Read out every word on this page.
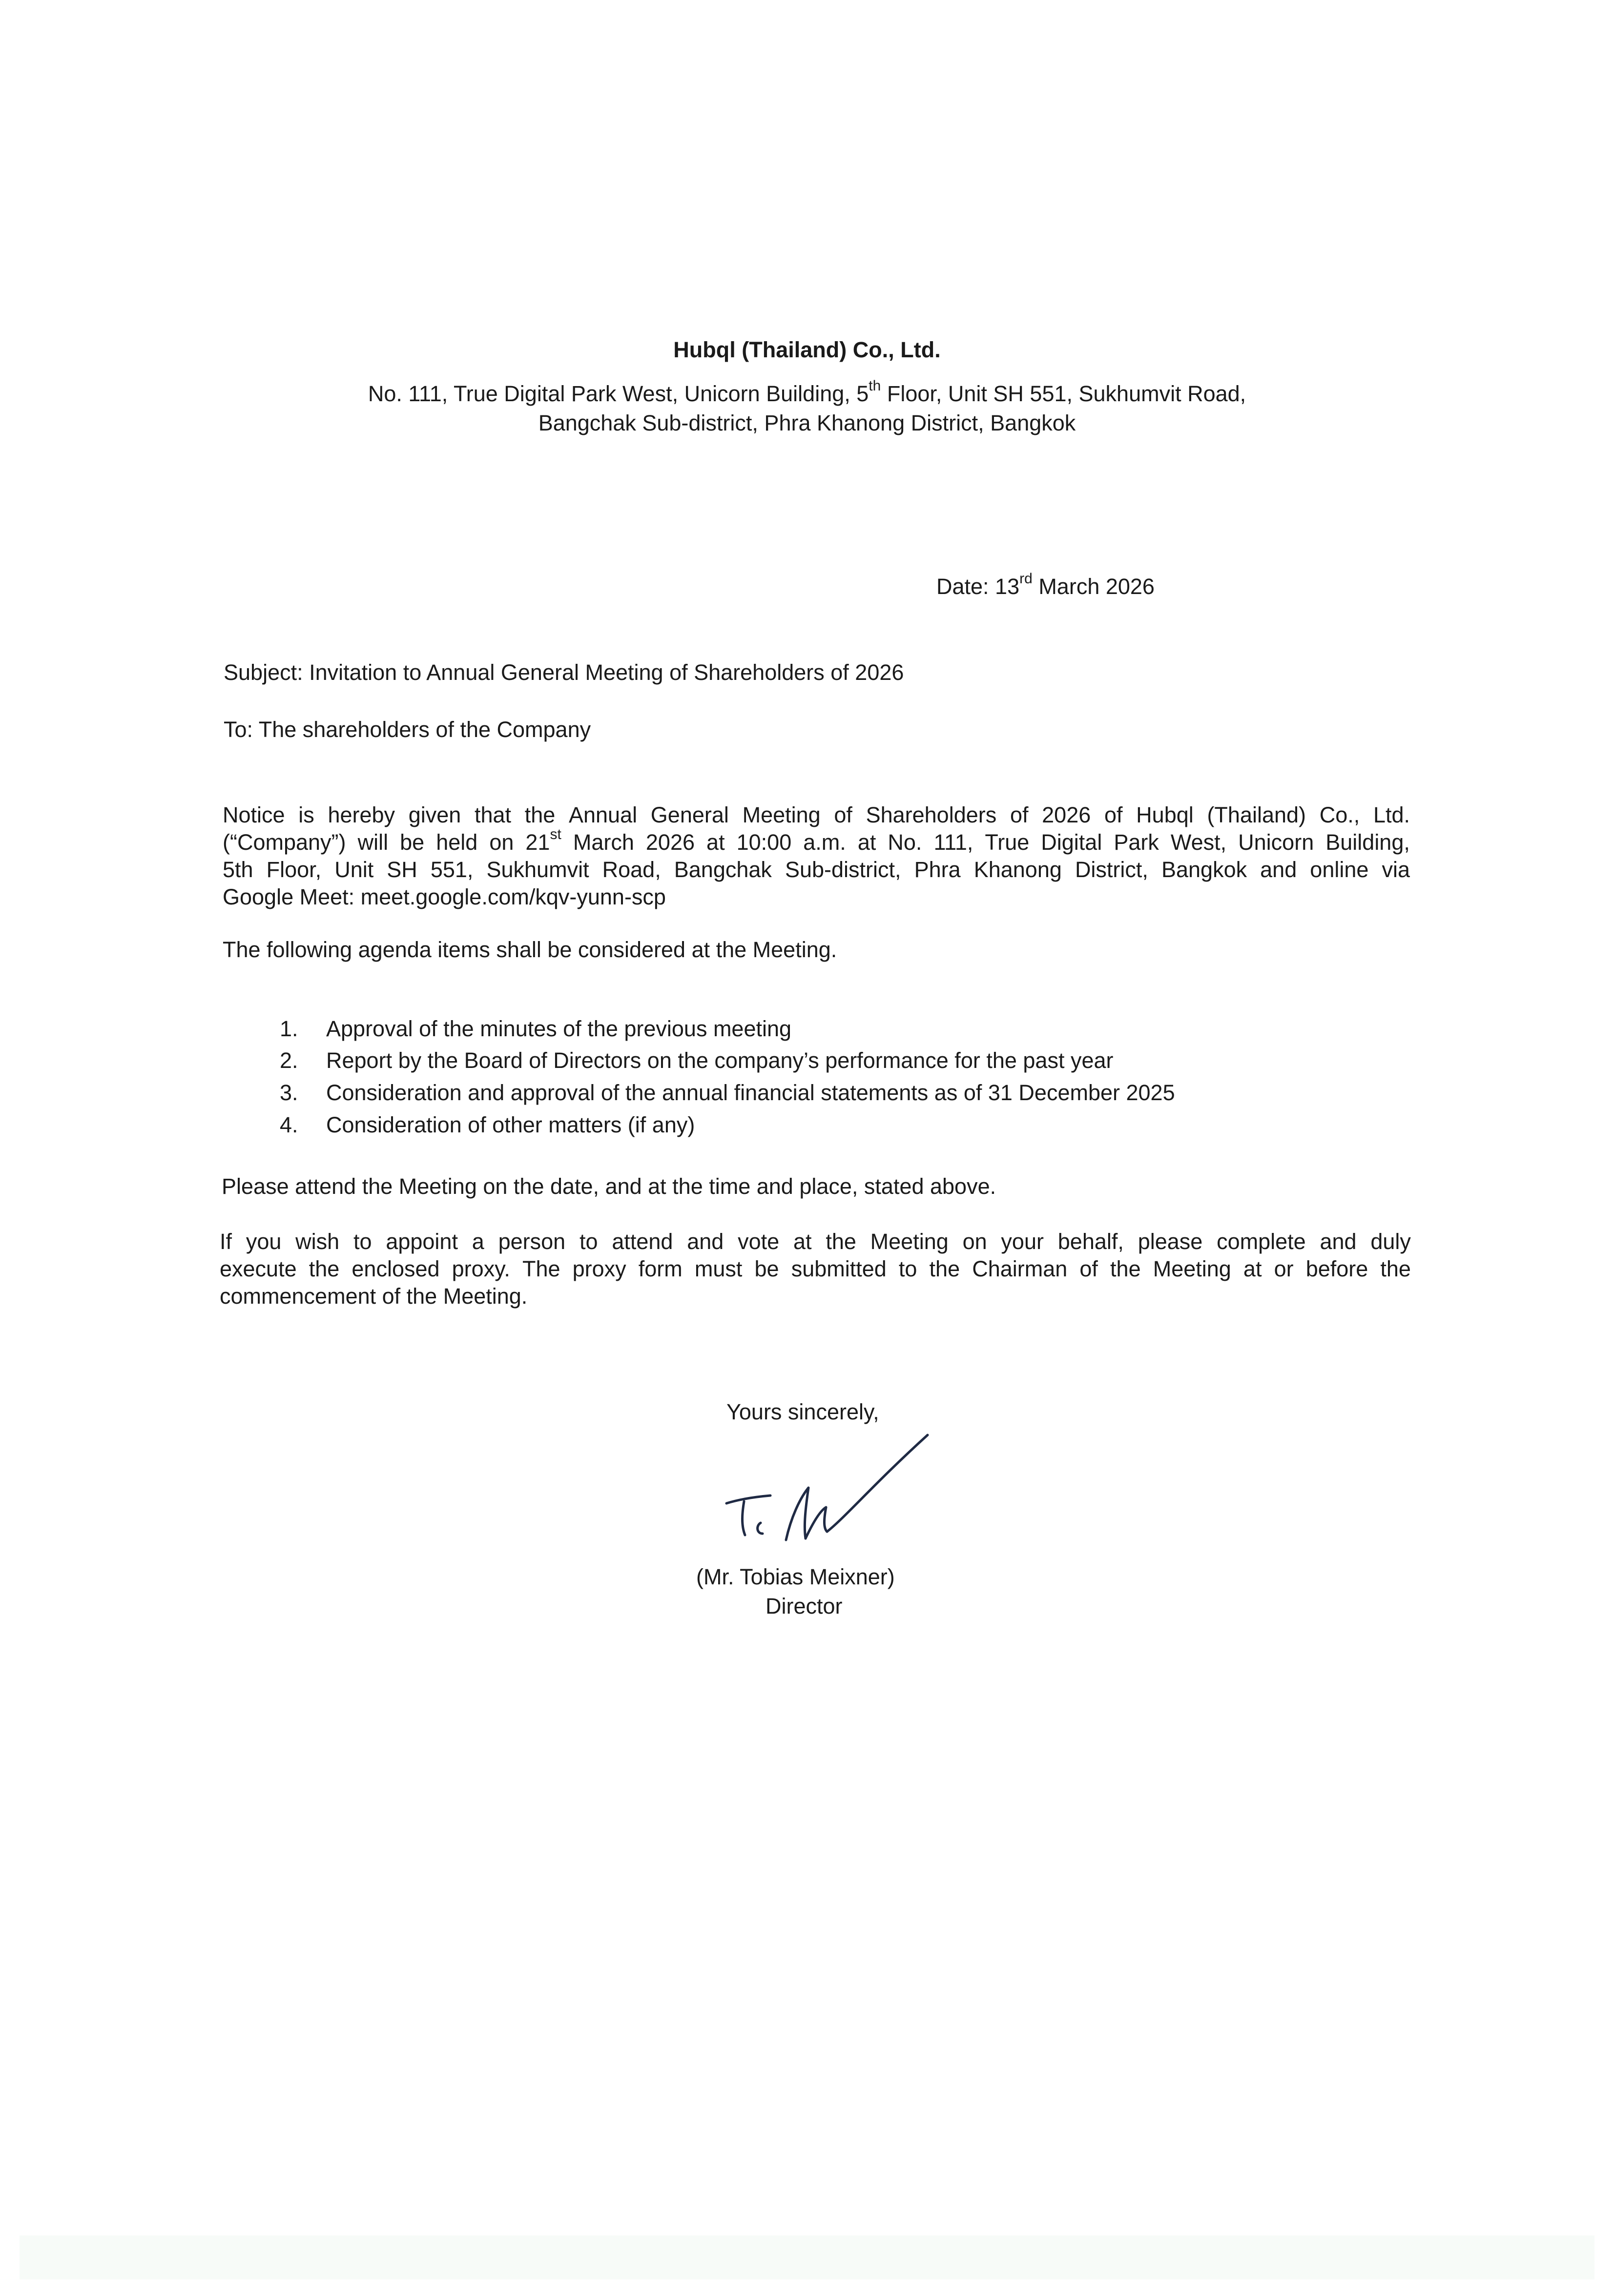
Hubql (Thailand) Co., Ltd.
No. 111, True Digital Park West, Unicorn Building, 5th Floor, Unit SH 551, Sukhumvit Road,
Bangchak Sub-district, Phra Khanong District, Bangkok
Date: 13rd March 2026
Subject: Invitation to Annual General Meeting of Shareholders of 2026
To: The shareholders of the Company
Notice is hereby given that the Annual General Meeting of Shareholders of 2026 of Hubql (Thailand) Co., Ltd.
(“Company”) will be held on 21st March 2026 at 10:00 a.m. at No. 111, True Digital Park West, Unicorn Building,
5th Floor, Unit SH 551, Sukhumvit Road, Bangchak Sub-district, Phra Khanong District, Bangkok and online via
Google Meet: meet.google.com/kqv-yunn-scp
The following agenda items shall be considered at the Meeting.
1. Approval of the minutes of the previous meeting
2. Report by the Board of Directors on the company’s performance for the past year
3. Consideration and approval of the annual financial statements as of 31 December 2025
4. Consideration of other matters (if any)
Please attend the Meeting on the date, and at the time and place, stated above.
If you wish to appoint a person to attend and vote at the Meeting on your behalf, please complete and duly
execute the enclosed proxy. The proxy form must be submitted to the Chairman of the Meeting at or before the
commencement of the Meeting.
Yours sincerely,
(Mr. Tobias Meixner)
Director
